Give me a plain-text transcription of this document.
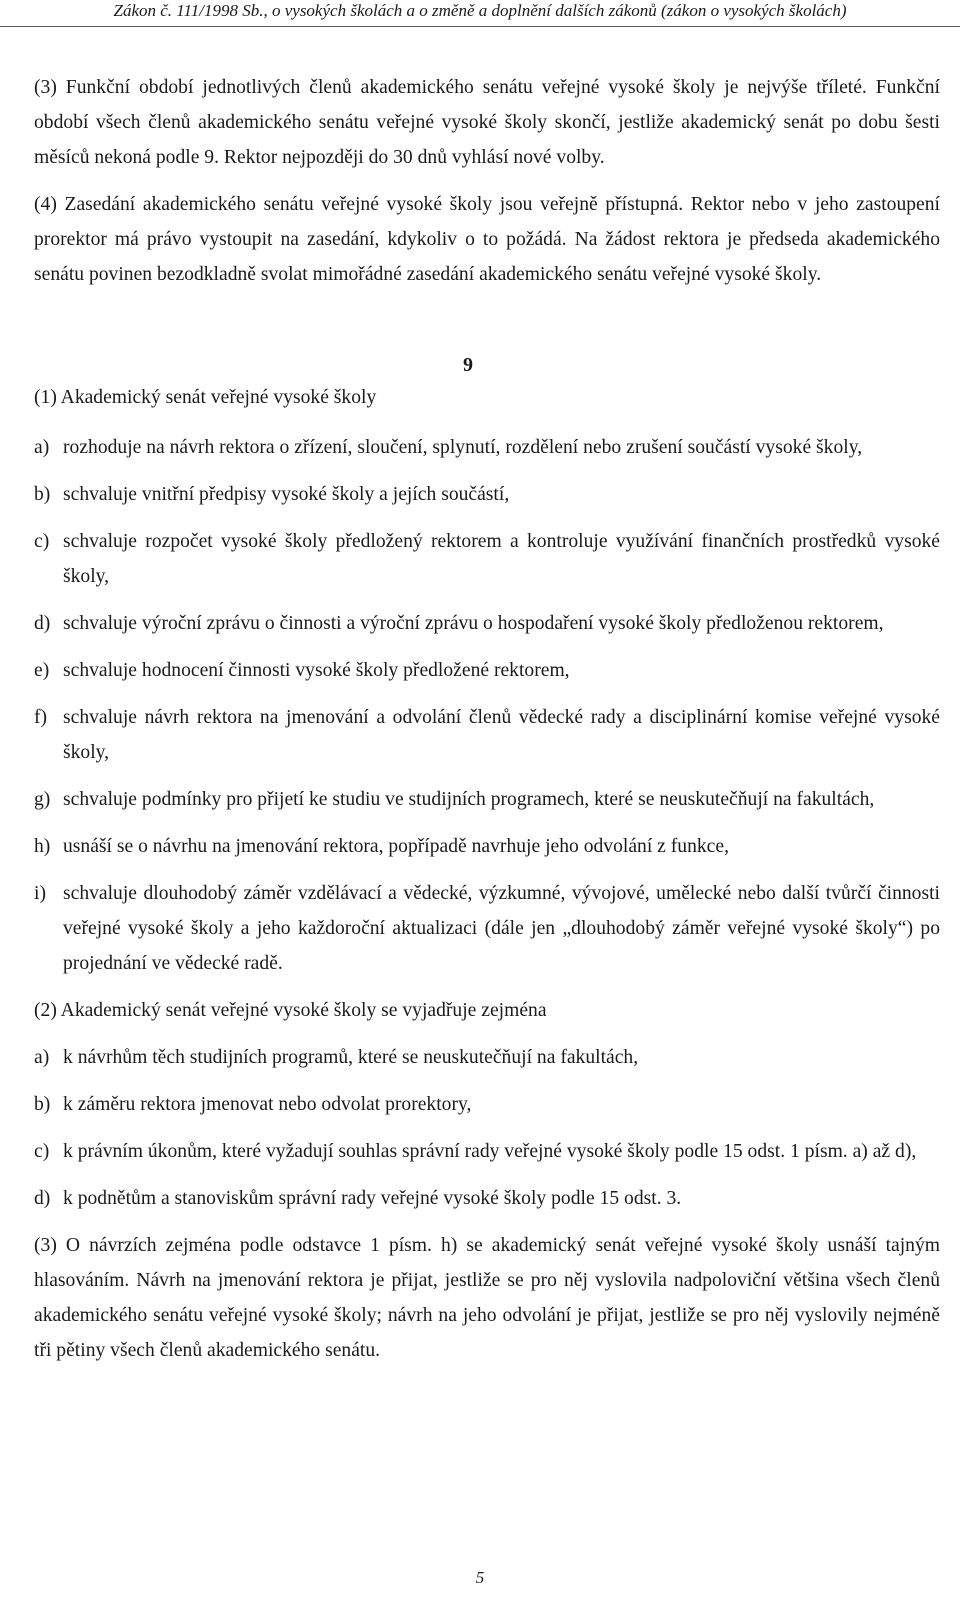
Zákon č. 111/1998 Sb., o vysokých školách a o změně a doplnění dalších zákonů (zákon o vysokých školách)

(3) Funkční období jednotlivých členů akademického senátu veřejné vysoké školy je nejvýše tříleté. Funkční období všech členů akademického senátu veřejné vysoké školy skončí, jestliže akademický senát po dobu šesti měsíců nekoná podle 9. Rektor nejpozději do 30 dnů vyhlásí nové volby.

(4) Zasedání akademického senátu veřejné vysoké školy jsou veřejně přístupná. Rektor nebo v jeho zastoupení prorektor má právo vystoupit na zasedání, kdykoliv o to požádá. Na žádost rektora je předseda akademického senátu povinen bezodkladně svolat mimořádné zasedání akademického senátu veřejné vysoké školy.

9
(1) Akademický senát veřejné vysoké školy
a) rozhoduje na návrh rektora o zřízení, sloučení, splynutí, rozdělení nebo zrušení součástí vysoké školy,
b) schvaluje vnitřní předpisy vysoké školy a jejích součástí,
c) schvaluje rozpočet vysoké školy předložený rektorem a kontroluje využívání finančních prostředků vysoké školy,
d) schvaluje výroční zprávu o činnosti a výroční zprávu o hospodaření vysoké školy předloženou rektorem,
e) schvaluje hodnocení činnosti vysoké školy předložené rektorem,
f) schvaluje návrh rektora na jmenování a odvolání členů vědecké rady a disciplinární komise veřejné vysoké školy,
g) schvaluje podmínky pro přijetí ke studiu ve studijních programech, které se neuskutečňují na fakultách,
h) usnáší se o návrhu na jmenování rektora, popřípadě navrhuje jeho odvolání z funkce,
i) schvaluje dlouhodobý záměr vzdělávací a vědecké, výzkumné, vývojové, umělecké nebo další tvůrčí činnosti veřejné vysoké školy a jeho každoroční aktualizaci (dále jen „dlouhodobý záměr veřejné vysoké školy“) po projednání ve vědecké radě.

(2) Akademický senát veřejné vysoké školy se vyjadřuje zejména

a) k návrhům těch studijních programů, které se neuskutečňují na fakultách,
b) k záměru rektora jmenovat nebo odvolat prorektory,
c) k právním úkonům, které vyžadují souhlas správní rady veřejné vysoké školy podle 15 odst. 1 písm. a) až d),
d) k podnětům a stanoviskům správní rady veřejné vysoké školy podle 15 odst. 3.

(3) O návrzích zejména podle odstavce 1 písm. h) se akademický senát veřejné vysoké školy usnáší tajným hlasováním. Návrh na jmenování rektora je přijat, jestliže se pro něj vyslovila nadpoloviční většina všech členů akademického senátu veřejné vysoké školy; návrh na jeho odvolání je přijat, jestliže se pro něj vyslovily nejméně tři pětiny všech členů akademického senátu.

5
